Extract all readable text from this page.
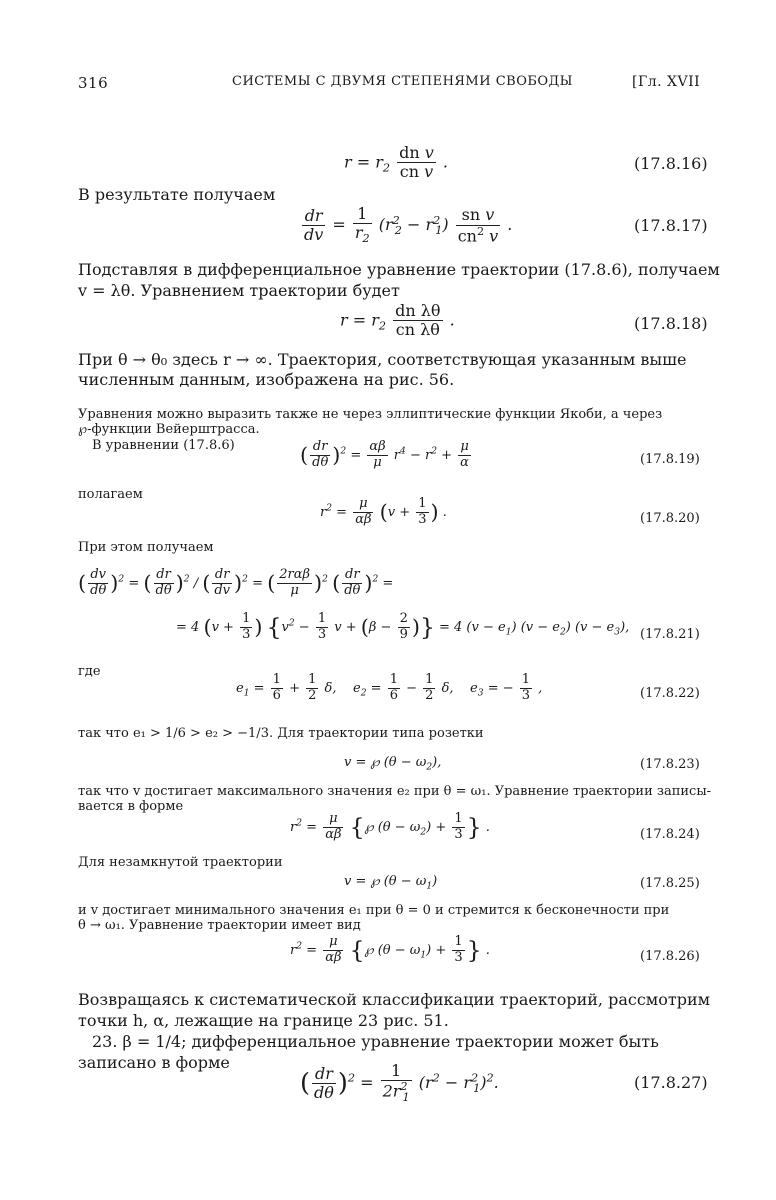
316	СИСТЕМЫ С ДВУМЯ СТЕПЕНЯМИ СВОБОДЫ	[Гл. XVII
$r = r_2 \frac{\text{dn v}}{\text{cn v}}$ .	(17.8.16)
В результате получаем
$\frac{dr}{dv} = \frac{1}{r_2} (r^2_2 - r^2_1) \frac{\text{sn v}}{cn^2 v}$ .	(17.8.17)
Подставляя в дифференциальное уравнение траектории (17.8.6), получаем
v = λθ. Уравнением траектории будет
$r = r_2 \frac{\text{dn λθ}}{\text{cn λθ}}$ .	(17.8.18)
При θ → θ₀ здесь r → ∞. Траектория, соответствующая указанным выше
численным данным, изображена на рис. 56.
Уравнения можно выразить также не через эллиптические функции Якоби, а через
℘-функции Вейерштрасса.
В уравнении (17.8.6)	( $\frac{dr}{d\theta} )^2 = \frac{\alpha\beta}{\mu} r^4 - r^2 + \frac{\mu}{\alpha}$	(17.8.19)
полагаем
$r^2 = \frac{\mu}{\alpha\beta} (v + \frac{1}{3}$ ) .	(17.8.20)
При этом получаем
( $\frac{dv}{d\theta} )^2$ = ( $\frac{dr}{d\theta} )^2$ / ( $\frac{dr}{dv} )^2$ = ( $\frac{\text{2rαβ}}{\mu} )^2$ ( $\frac{dr}{d\theta} )^2$ =
= 4 ($v + \frac{1}{3}$ ) {$v^2 - \frac{1}{3}$ $v + (\beta - \frac{2}{9}$ )} = 4 $(v - e_1)$ $(v - e_2)$ $(v - e_3)$, (17.8.21)
где
$e_1 = \frac{1}{6} + \frac{1}{2} \delta$,    $e_2 = \frac{1}{6} - \frac{1}{2} \delta$,    $e_3$ = − $\frac{1}{3}$ ,	(17.8.22)
так что e₁ > 1/6 > e₂ > −1/3. Для траектории типа розетки
v = ℘ $(\theta - \omega_2)$,	(17.8.23)
так что v достигает максимального значения e₂ при θ = ω₁. Уравнение траектории записы-
вается в форме
$r^2 = \frac{\mu}{\alpha\beta}$ {℘ $(\theta - \omega_2) + \frac{1}{3}$ } .	(17.8.24)
Для незамкнутой траектории
v = ℘ $(\theta - \omega_1)$	(17.8.25)
и v достигает минимального значения e₁ при θ = 0 и стремится к бесконечности при
θ → ω₁. Уравнение траектории имеет вид
$r^2 = \frac{\mu}{\alpha\beta}$ {℘ $(\theta - \omega_1) + \frac{1}{3}$ } .	(17.8.26)
Возвращаясь к систематической классификации траекторий, рассмотрим
точки h, α, лежащие на границе 23 рис. 51.
23. β = 1/4; дифференциальное уравнение траектории может быть
записано в форме
( $\frac{dr}{d\theta} )^2 = \frac{1}{2r^2_1} (r^2 - r^2_1)^2$.	(17.8.27)
